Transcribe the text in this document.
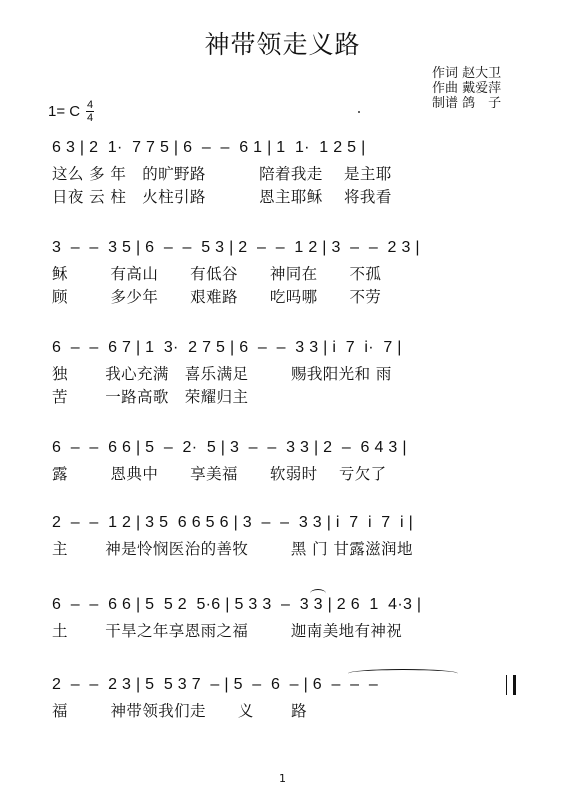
神带领走义路
作词 赵大卫
作曲 戴爱萍
制谱 鸽　子
1= C 4
4
6 3 | 2  1·  7 7 5 | 6  –  –  6 1 | 1  1·  1 2 5 |
这么 多 年   的旷野路          陪着我走    是主耶
日夜 云 柱   火柱引路          恩主耶稣    将我看
3  –  –  3 5 | 6  –  –  5 3 | 2  –  –  1 2 | 3  –  –  2 3 |
稣        有高山      有低谷      神同在      不孤
顾        多少年      艰难路      吃吗哪      不劳
6  –  –  6 7 | 1  3·  2 7 5 | 6  –  –  3 3 | i  7  i·  7 |
独       我心充满   喜乐满足        赐我阳光和 雨
苦       一路高歌   荣耀归主
6  –  –  6 6 | 5  –  2·  5 | 3  –  –  3 3 | 2  –  6 4 3 |
露        恩典中      享美福      软弱时    亏欠了
2  –  –  1 2 | 3 5  6 6 5 6 | 3  –  –  3 3 | i  7  i  7  i |
主       神是怜悯医治的善牧        黑 门 甘露滋润地
6  –  –  6 6 | 5  5 2  5·6 | 5 3 3  –  3 3 | 2 6  1  4·3 |
土       干旱之年享恩雨之福        迦南美地有神祝
2  –  –  2 3 | 5  5 3 7  – | 5  –  6  – | 6  –  –  –
福        神带领我们走      义       路
1
